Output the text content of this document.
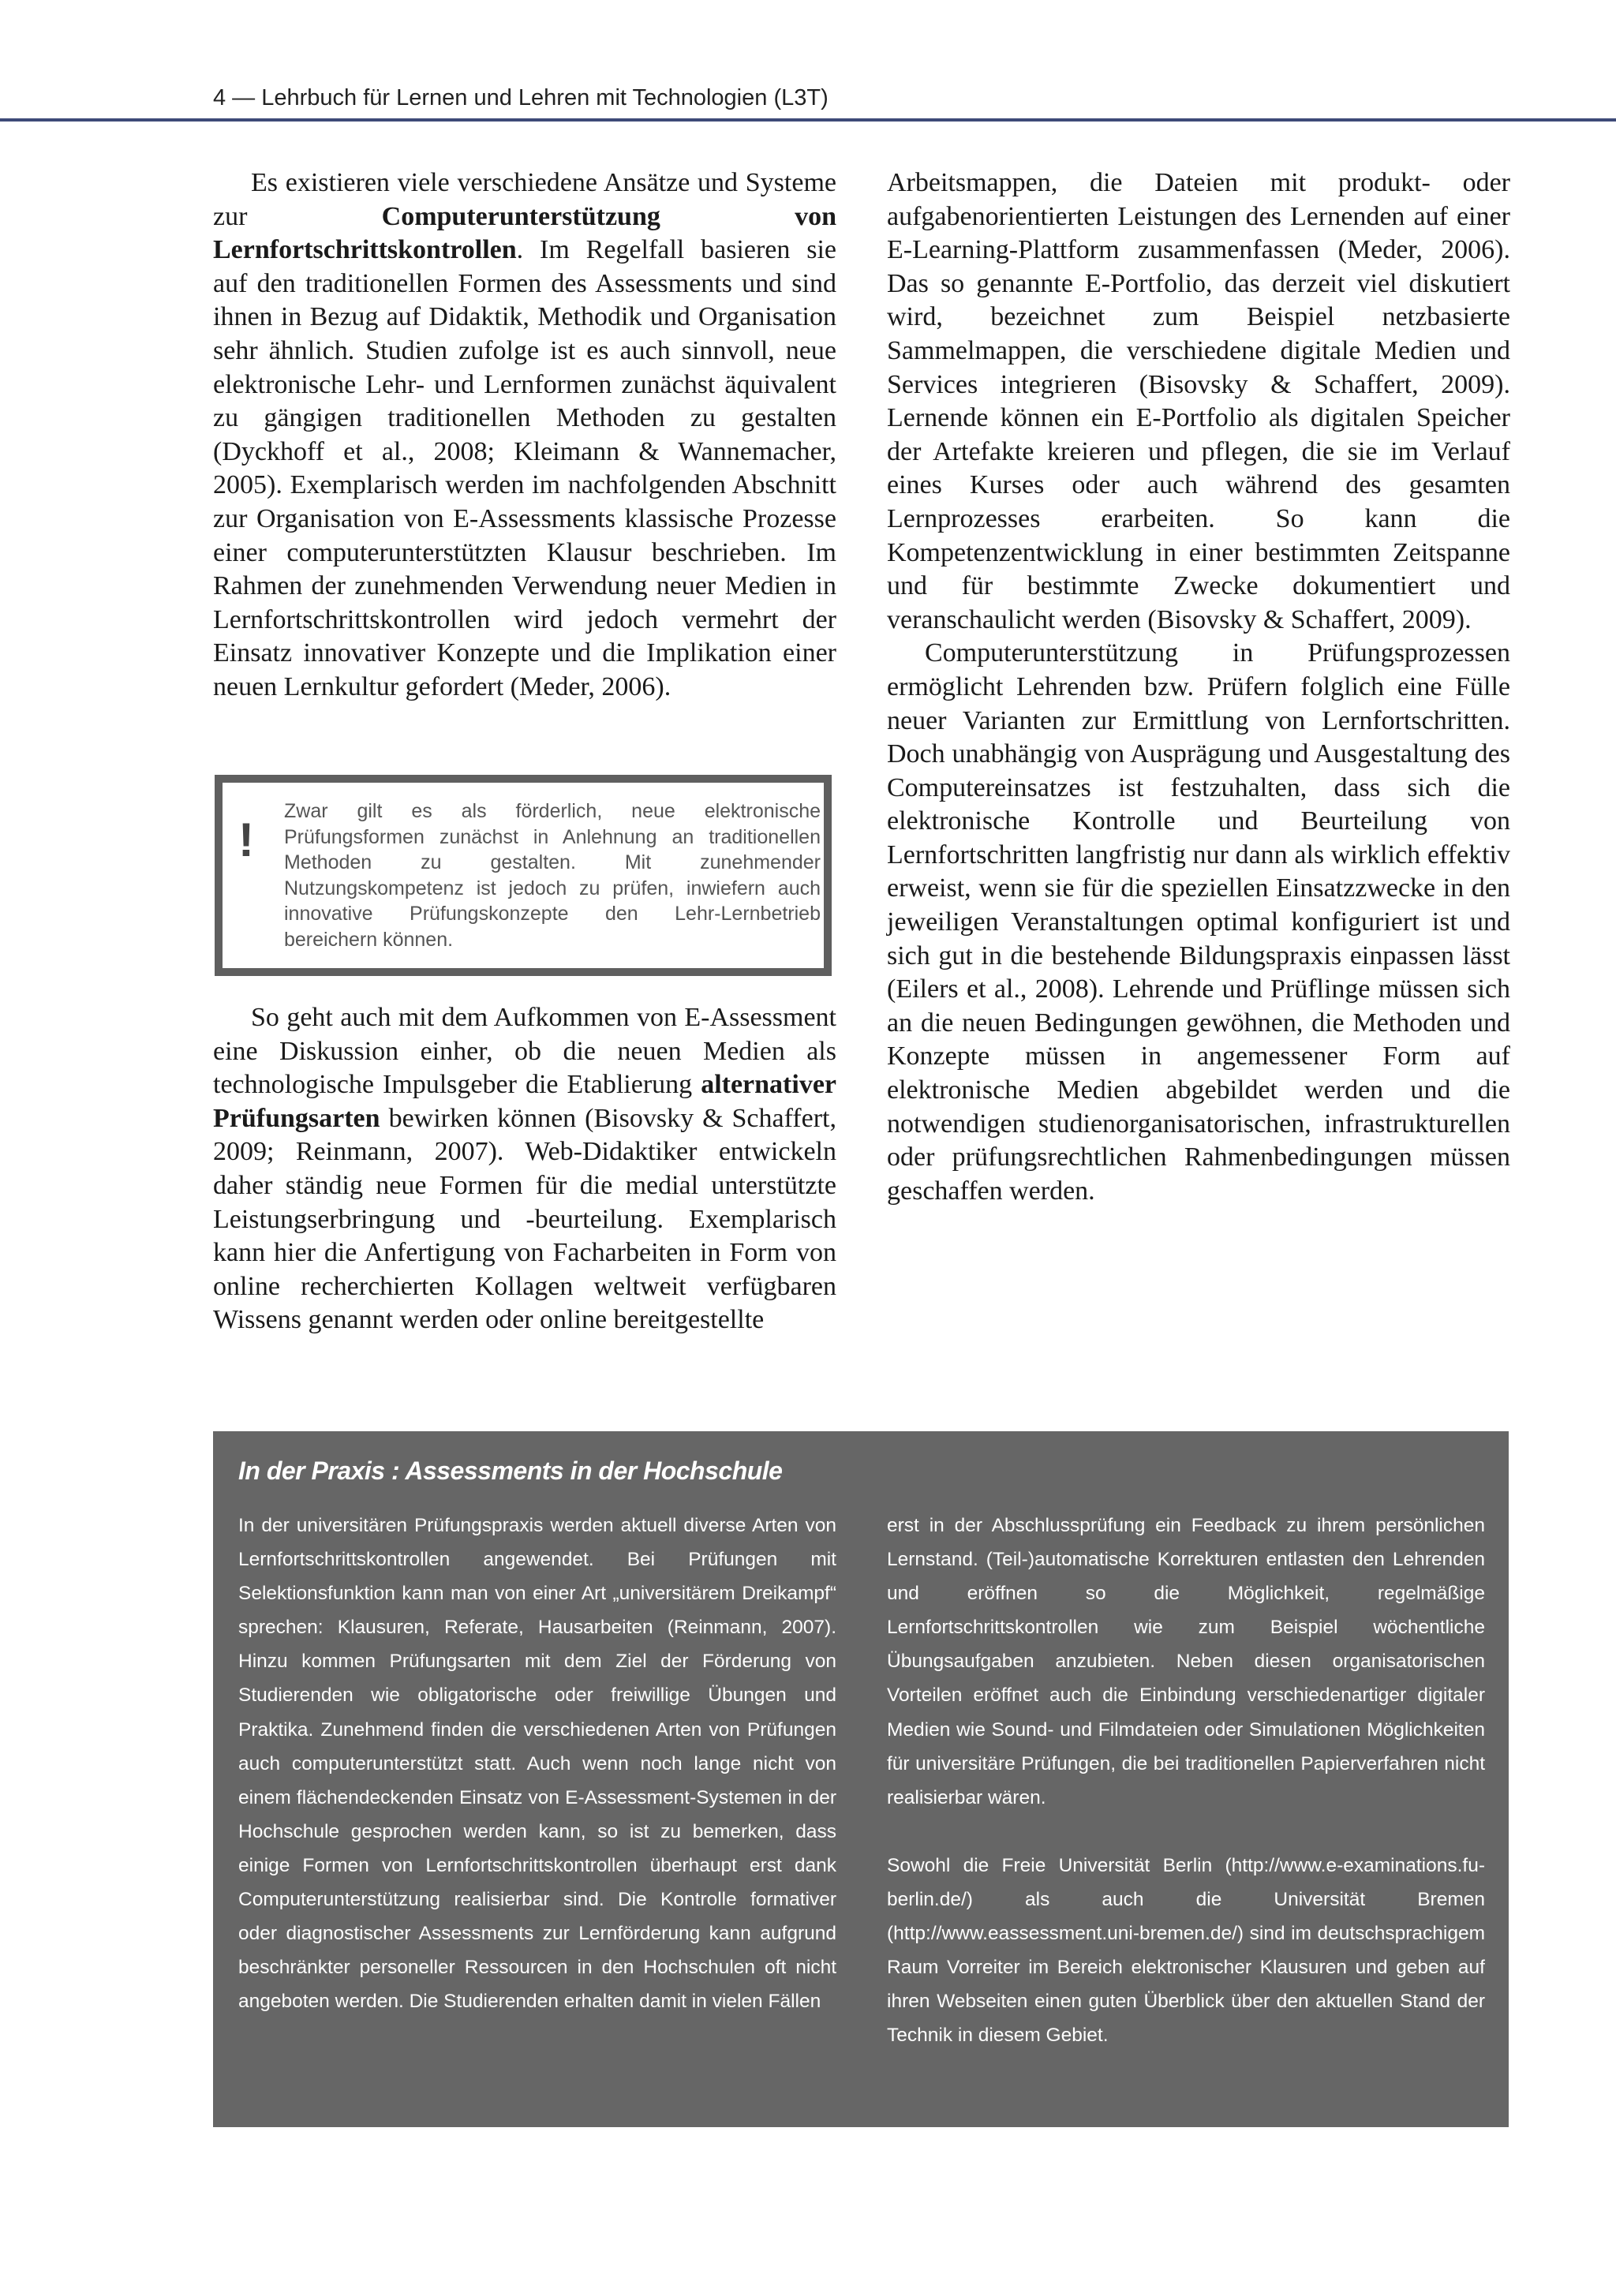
4 — Lehrbuch für Lernen und Lehren mit Technologien (L3T)

Es existieren viele verschiedene Ansätze und Systeme zur Computerunterstützung von Lernfortschrittskontrollen. Im Regelfall basieren sie auf den traditionellen Formen des Assessments und sind ihnen in Bezug auf Didaktik, Methodik und Organisation sehr ähnlich. Studien zufolge ist es auch sinnvoll, neue elektronische Lehr- und Lernformen zunächst äquivalent zu gängigen traditionellen Methoden zu gestalten (Dyckhoff et al., 2008; Kleimann & Wannemacher, 2005). Exemplarisch werden im nachfolgenden Abschnitt zur Organisation von E-Assessments klassische Prozesse einer computerunterstützten Klausur beschrieben. Im Rahmen der zunehmenden Verwendung neuer Medien in Lernfortschrittskontrollen wird jedoch vermehrt der Einsatz innovativer Konzepte und die Implikation einer neuen Lernkultur gefordert (Meder, 2006).

!
Zwar gilt es als förderlich, neue elektronische Prüfungsformen zunächst in Anlehnung an traditionellen Methoden zu gestalten. Mit zunehmender Nutzungskompetenz ist jedoch zu prüfen, inwiefern auch innovative Prüfungskonzepte den Lehr-Lernbetrieb bereichern können.

So geht auch mit dem Aufkommen von E-Assessment eine Diskussion einher, ob die neuen Medien als technologische Impulsgeber die Etablierung alternativer Prüfungsarten bewirken können (Bisovsky & Schaffert, 2009; Reinmann, 2007). Web-Didaktiker entwickeln daher ständig neue Formen für die medial unterstützte Leistungserbringung und -beurteilung. Exemplarisch kann hier die Anfertigung von Facharbeiten in Form von online recherchierten Kollagen weltweit verfügbaren Wissens genannt werden oder online bereitgestellte

Arbeitsmappen, die Dateien mit produkt- oder aufgabenorientierten Leistungen des Lernenden auf einer E-Learning-Plattform zusammenfassen (Meder, 2006). Das so genannte E-Portfolio, das derzeit viel diskutiert wird, bezeichnet zum Beispiel netzbasierte Sammelmappen, die verschiedene digitale Medien und Services integrieren (Bisovsky & Schaffert, 2009). Lernende können ein E-Portfolio als digitalen Speicher der Artefakte kreieren und pflegen, die sie im Verlauf eines Kurses oder auch während des gesamten Lernprozesses erarbeiten. So kann die Kompetenzentwicklung in einer bestimmten Zeitspanne und für bestimmte Zwecke dokumentiert und veranschaulicht werden (Bisovsky & Schaffert, 2009).

Computerunterstützung in Prüfungsprozessen ermöglicht Lehrenden bzw. Prüfern folglich eine Fülle neuer Varianten zur Ermittlung von Lernfortschritten. Doch unabhängig von Ausprägung und Ausgestaltung des Computereinsatzes ist festzuhalten, dass sich die elektronische Kontrolle und Beurteilung von Lernfortschritten langfristig nur dann als wirklich effektiv erweist, wenn sie für die speziellen Einsatzzwecke in den jeweiligen Veranstaltungen optimal konfiguriert ist und sich gut in die bestehende Bildungspraxis einpassen lässt (Eilers et al., 2008). Lehrende und Prüflinge müssen sich an die neuen Bedingungen gewöhnen, die Methoden und Konzepte müssen in angemessener Form auf elektronische Medien abgebildet werden und die notwendigen studienorganisatorischen, infrastrukturellen oder prüfungsrechtlichen Rahmenbedingungen müssen geschaffen werden.

In der Praxis : Assessments in der Hochschule

In der universitären Prüfungspraxis werden aktuell diverse Arten von Lernfortschrittskontrollen angewendet. Bei Prüfungen mit Selektionsfunktion kann man von einer Art „universitärem Dreikampf“ sprechen: Klausuren, Referate, Hausarbeiten (Reinmann, 2007). Hinzu kommen Prüfungsarten mit dem Ziel der Förderung von Studierenden wie obligatorische oder freiwillige Übungen und Praktika. Zunehmend finden die verschiedenen Arten von Prüfungen auch computerunterstützt statt. Auch wenn noch lange nicht von einem flächendeckenden Einsatz von E-Assessment-Systemen in der Hochschule gesprochen werden kann, so ist zu bemerken, dass einige Formen von Lernfortschrittskontrollen überhaupt erst dank Computerunterstützung realisierbar sind. Die Kontrolle formativer oder diagnostischer Assessments zur Lernförderung kann aufgrund beschränkter personeller Ressourcen in den Hochschulen oft nicht angeboten werden. Die Studierenden erhalten damit in vielen Fällen

erst in der Abschlussprüfung ein Feedback zu ihrem persönlichen Lernstand. (Teil-)automatische Korrekturen entlasten den Lehrenden und eröffnen so die Möglichkeit, regelmäßige Lernfortschrittskontrollen wie zum Beispiel wöchentliche Übungsaufgaben anzubieten. Neben diesen organisatorischen Vorteilen eröffnet auch die Einbindung verschiedenartiger digitaler Medien wie Sound- und Filmdateien oder Simulationen Möglichkeiten für universitäre Prüfungen, die bei traditionellen Papierverfahren nicht realisierbar wären.

Sowohl die Freie Universität Berlin (http://www.e-examinations.fu-berlin.de/) als auch die Universität Bremen (http://www.eassessment.uni-bremen.de/) sind im deutschsprachigem Raum Vorreiter im Bereich elektronischer Klausuren und geben auf ihren Webseiten einen guten Überblick über den aktuellen Stand der Technik in diesem Gebiet.
